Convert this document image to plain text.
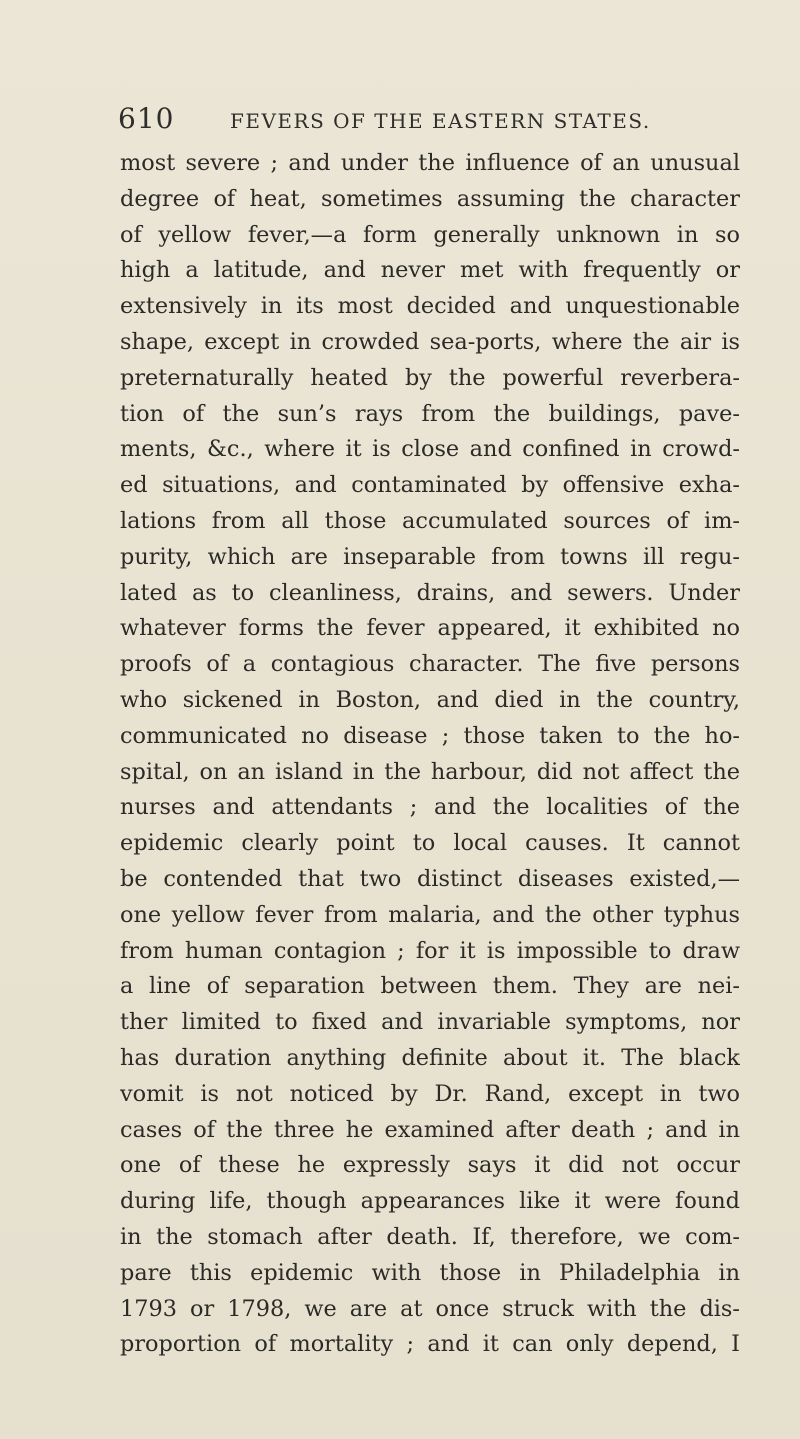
610	FEVERS OF THE EASTERN STATES.
most severe ; and under the influence of an unusual
degree of heat, sometimes assuming the character
of yellow fever,—a form generally unknown in so
high a latitude, and never met with frequently or
extensively in its most decided and unquestionable
shape, except in crowded sea-ports, where the air is
preternaturally heated by the powerful reverbera-
tion of the sun’s rays from the buildings, pave-
ments, &c., where it is close and confined in crowd-
ed situations, and contaminated by offensive exha-
lations from all those accumulated sources of im-
purity, which are inseparable from towns ill regu-
lated as to cleanliness, drains, and sewers. Under
whatever forms the fever appeared, it exhibited no
proofs of a contagious character. The five persons
who sickened in Boston, and died in the country,
communicated no disease ; those taken to the ho-
spital, on an island in the harbour, did not affect the
nurses and attendants ; and the localities of the
epidemic clearly point to local causes. It cannot
be contended that two distinct diseases existed,—
one yellow fever from malaria, and the other typhus
from human contagion ; for it is impossible to draw
a line of separation between them. They are nei-
ther limited to fixed and invariable symptoms, nor
has duration anything definite about it. The black
vomit is not noticed by Dr. Rand, except in two
cases of the three he examined after death ; and in
one of these he expressly says it did not occur
during life, though appearances like it were found
in the stomach after death. If, therefore, we com-
pare this epidemic with those in Philadelphia in
1793 or 1798, we are at once struck with the dis-
proportion of mortality ; and it can only depend, I
